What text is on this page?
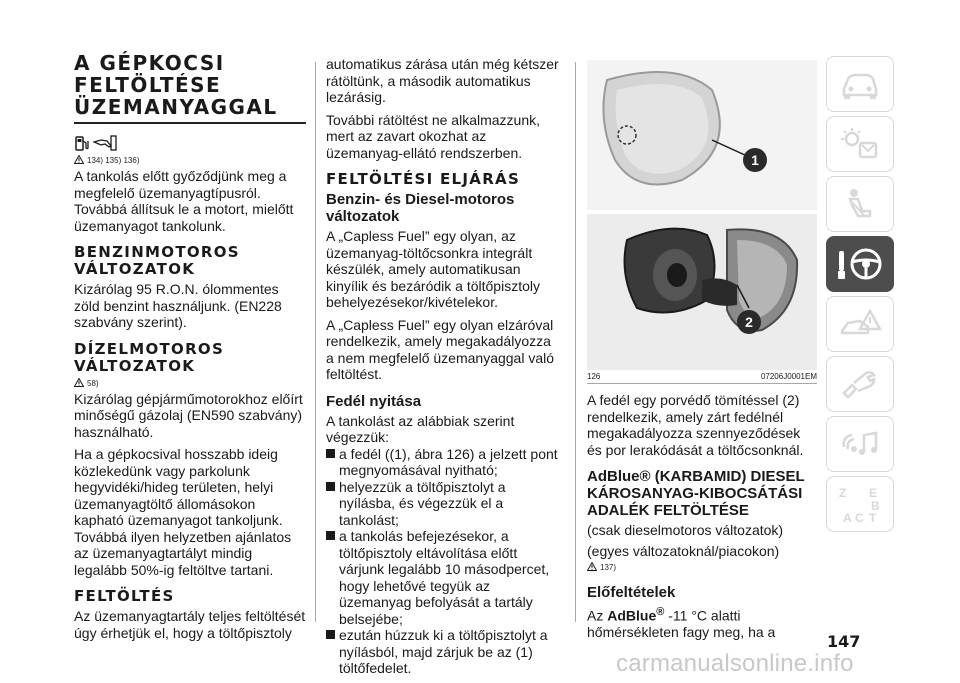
A GÉPKOCSI
FELTÖLTÉSE
ÜZEMANYAGGAL

134) 135) 136)

A tankolás előtt győződjünk meg a megfelelő üzemanyagtípusról. Továbbá állítsuk le a motort, mielőtt üzemanyagot tankolunk.

BENZINMOTOROS
VÁLTOZATOK

Kizárólag 95 R.O.N. ólommentes zöld benzint használjunk. (EN228 szabvány szerint).

DÍZELMOTOROS
VÁLTOZATOK

58)

Kizárólag gépjárműmotorokhoz előírt minőségű gázolaj (EN590 szabvány) használható.

Ha a gépkocsival hosszabb ideig közlekedünk vagy parkolunk hegyvidéki/hideg területen, helyi üzemanyagtöltő állomásokon kapható üzemanyagot tankoljunk. Továbbá ilyen helyzetben ajánlatos az üzemanyagtartályt mindig legalább 50%-ig feltöltve tartani.

FELTÖLTÉS

Az üzemanyagtartály teljes feltöltését úgy érhetjük el, hogy a töltőpisztoly

automatikus zárása után még kétszer rátöltünk, a második automatikus lezárásig.

További rátöltést ne alkalmazzunk, mert az zavart okozhat az üzemanyag-ellátó rendszerben.

FELTÖLTÉSI ELJÁRÁS
Benzin- és Diesel-motoros
változatok

A „Capless Fuel” egy olyan, az üzemanyag-töltőcsonkra integrált készülék, amely automatikusan kinyílik és bezáródik a töltőpisztoly behelyezésekor/kivételekor.

A „Capless Fuel” egy olyan elzáróval rendelkezik, amely megakadályozza a nem megfelelő üzemanyaggal való feltöltést.

Fedél nyitása

A tankolást az alábbiak szerint végezzük:

a fedél ((1), ábra 126) a jelzett pont megnyomásával nyitható;
helyezzük a töltőpisztolyt a nyílásba, és végezzük el a tankolást;
a tankolás befejezésekor, a töltőpisztoly eltávolítása előtt várjunk legalább 10 másodpercet, hogy lehetővé tegyük az üzemanyag befolyását a tartály belsejébe;
ezután húzzuk ki a töltőpisztolyt a nyílásból, majd zárjuk be az (1) töltőfedelet.
1
2
126	07206J0001EM

A fedél egy porvédő tömítéssel (2) rendelkezik, amely zárt fedélnél megakadályozza szennyeződések és por lerakódását a töltőcsonknál.

AdBlue® (KARBAMID) DIESEL
KÁROSANYAG-KIBOCSÁTÁSI
ADALÉK FELTÖLTÉSE

(csak dieselmotoros változatok)

(egyes változatoknál/piacokon)

137)

Előfeltételek

Az AdBlue® -11 °C alatti hőmérsékleten fagy meg, ha a

Z E
B
A C T
147
carmanualsonline.info
